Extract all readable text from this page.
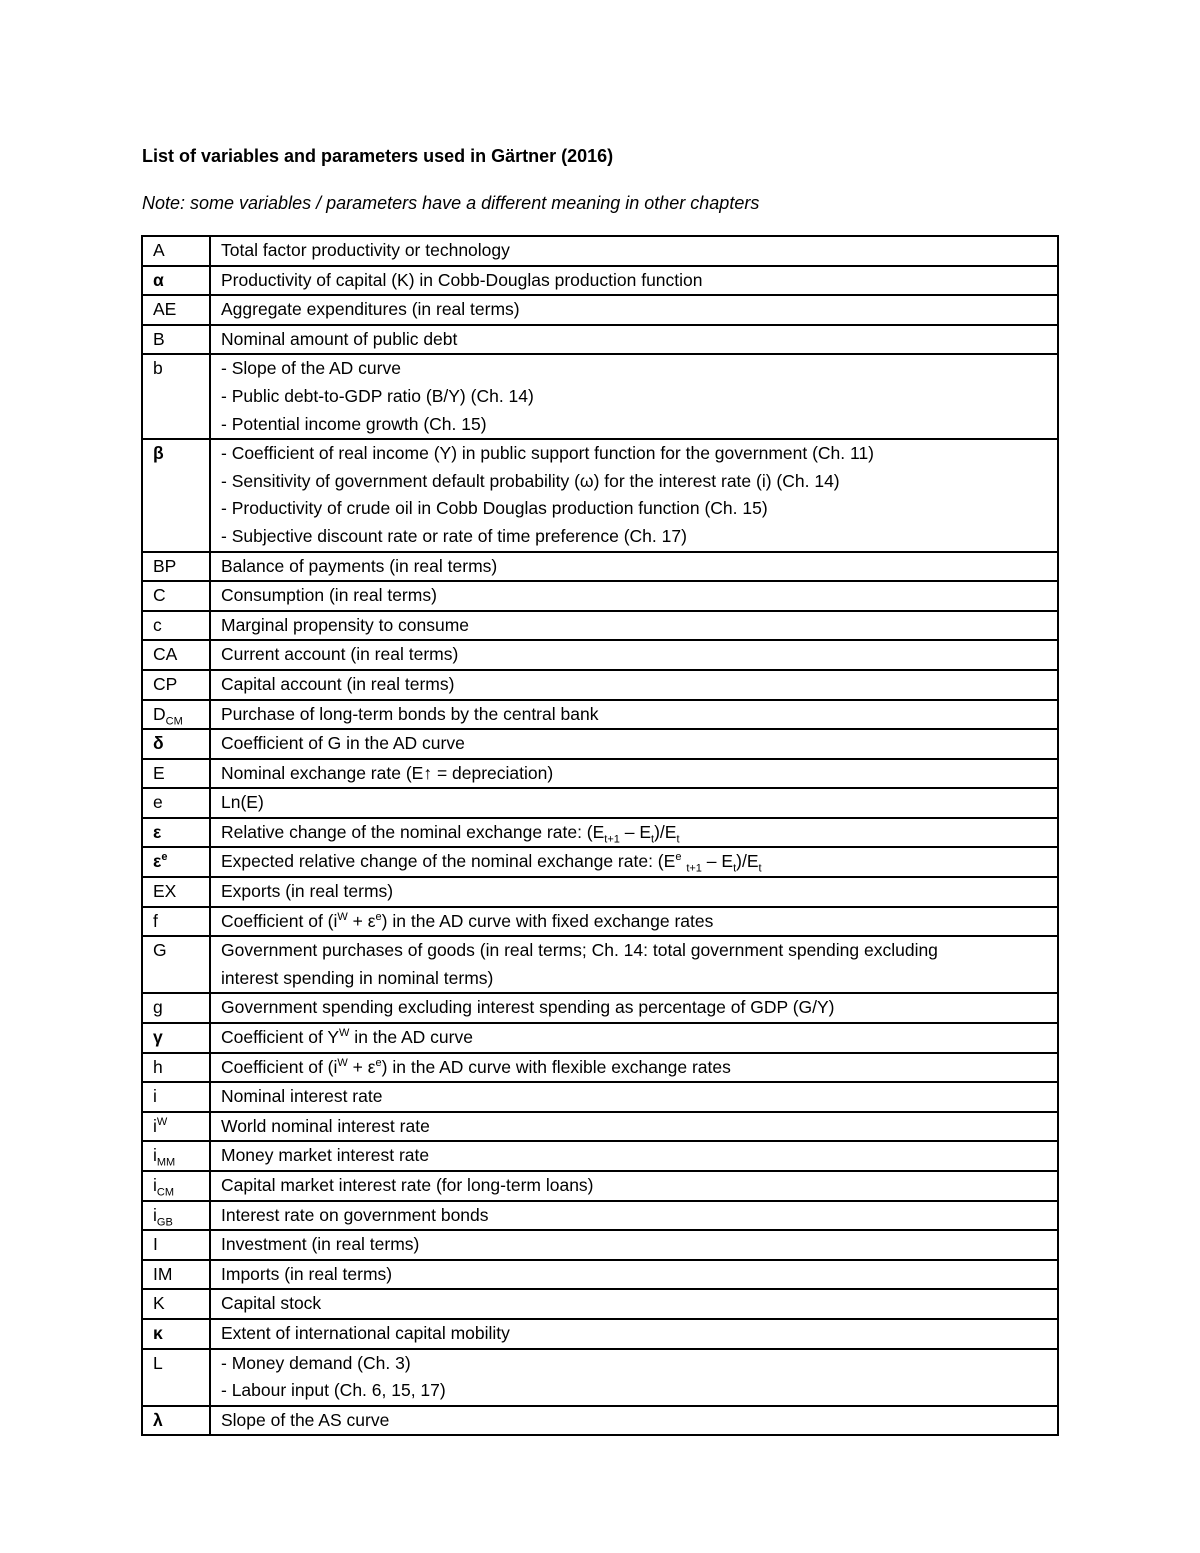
List of variables and parameters used in Gärtner (2016)

Note: some variables / parameters have a different meaning in other chapters

A	Total factor productivity or technology

α	Productivity of capital (K) in Cobb-Douglas production function

AE	Aggregate expenditures (in real terms)

B	Nominal amount of public debt

b	- Slope of the AD curve
- Public debt-to-GDP ratio (B/Y) (Ch. 14)
- Potential income growth (Ch. 15)

β	- Coefficient of real income (Y) in public support function for the government (Ch. 11)
- Sensitivity of government default probability (ω) for the interest rate (i) (Ch. 14)
- Productivity of crude oil in Cobb Douglas production function (Ch. 15)
- Subjective discount rate or rate of time preference (Ch. 17)

BP	Balance of payments (in real terms)

C	Consumption (in real terms)

c	Marginal propensity to consume

CA	Current account (in real terms)

CP	Capital account (in real terms)

$D_{CM}$	Purchase of long-term bonds by the central bank

δ	Coefficient of G in the AD curve

E	Nominal exchange rate (E↑ = depreciation)

e	Ln(E)

ε	Relative change of the nominal exchange rate: $(E_{t+1} - E_t)/E_t$

$\varepsilon^e$	Expected relative change of the nominal exchange rate: ($E^e$ $_{t+1} - E_t)/E_t$

EX	Exports (in real terms)

f	Coefficient of $(i^W + \varepsilon^e)$ in the AD curve with fixed exchange rates

G	Government purchases of goods (in real terms; Ch. 14: total government spending excluding
interest spending in nominal terms)

g	Government spending excluding interest spending as percentage of GDP (G/Y)

γ	Coefficient of $Y^W$ in the AD curve

h	Coefficient of $(i^W + \varepsilon^e)$ in the AD curve with flexible exchange rates

i	Nominal interest rate

$i^W$	World nominal interest rate

$i_{MM}$	Money market interest rate

$i_{CM}$	Capital market interest rate (for long-term loans)

$i_{GB}$	Interest rate on government bonds

I	Investment (in real terms)

IM	Imports (in real terms)

K	Capital stock

κ	Extent of international capital mobility

L	- Money demand (Ch. 3)
- Labour input (Ch. 6, 15, 17)

λ	Slope of the AS curve
